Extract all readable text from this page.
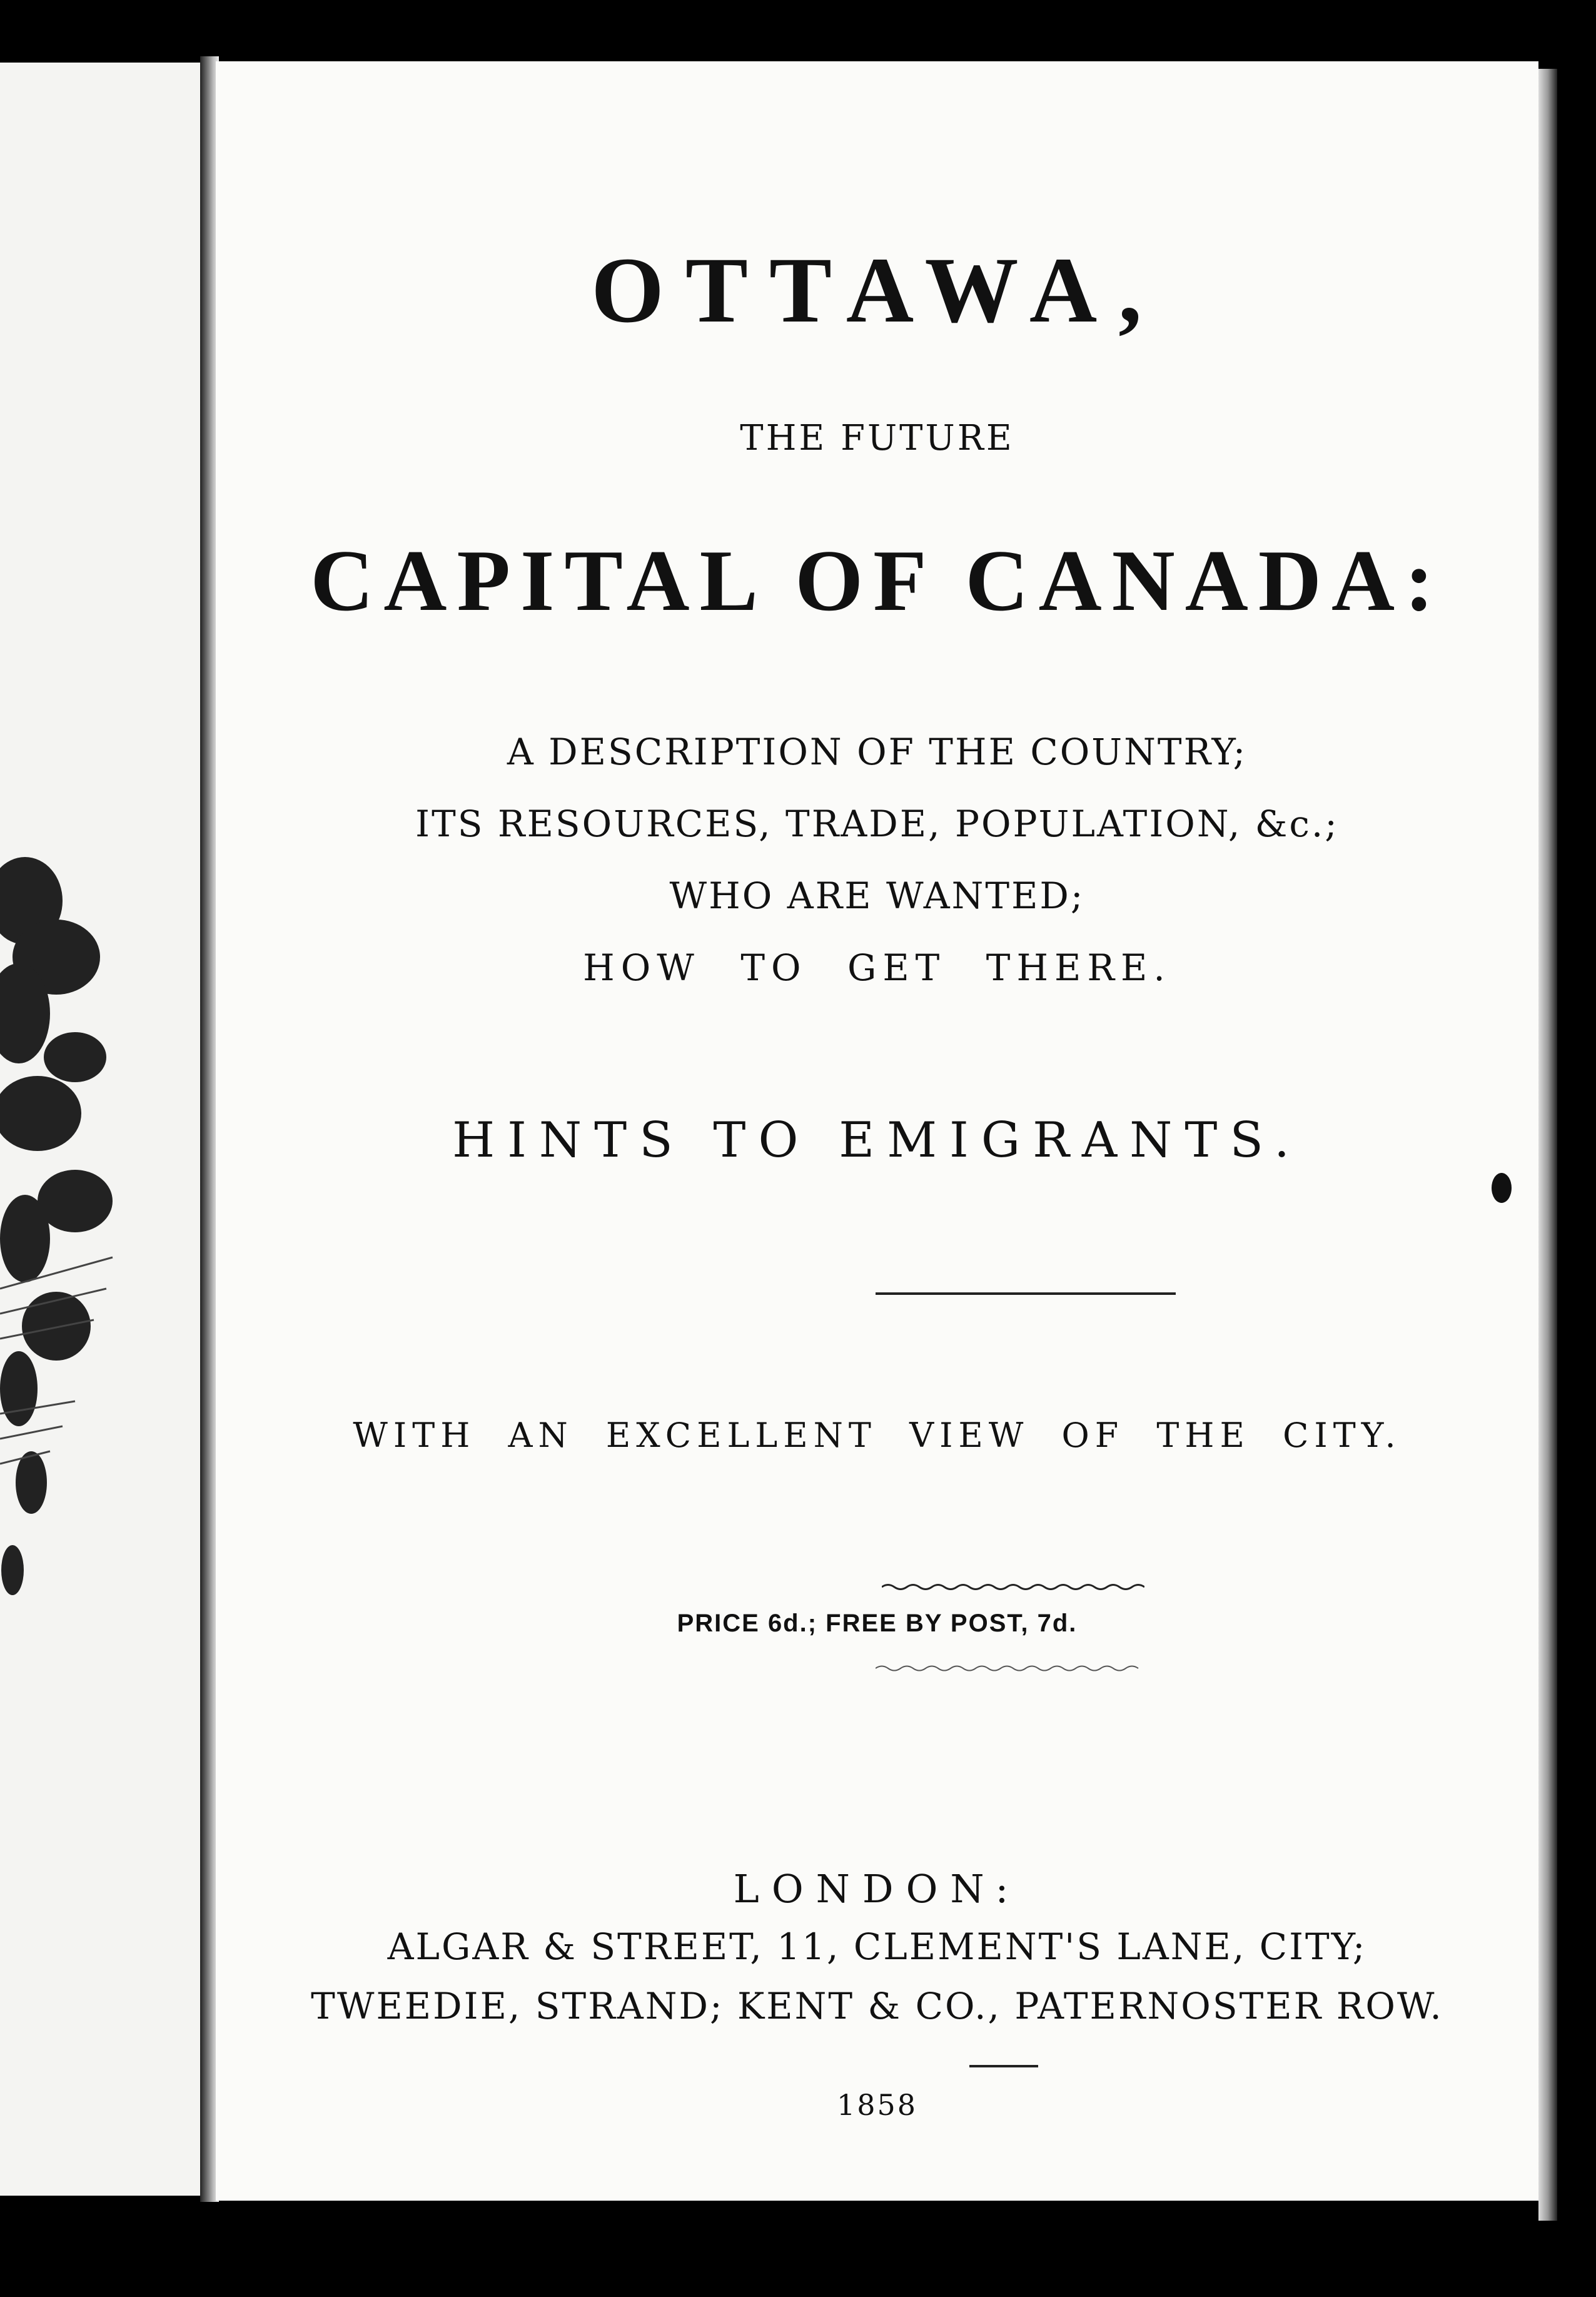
OTTAWA,
THE FUTURE
CAPITAL OF CANADA:
A DESCRIPTION OF THE COUNTRY;
ITS RESOURCES, TRADE, POPULATION, &c.;
WHO ARE WANTED;
HOW TO GET THERE.
HINTS TO EMIGRANTS.
WITH AN EXCELLENT VIEW OF THE CITY.
PRICE 6d.; FREE BY POST, 7d.
LONDON:
ALGAR & STREET, 11, CLEMENT'S LANE, CITY;
TWEEDIE, STRAND; KENT & CO., PATERNOSTER ROW.
1858
